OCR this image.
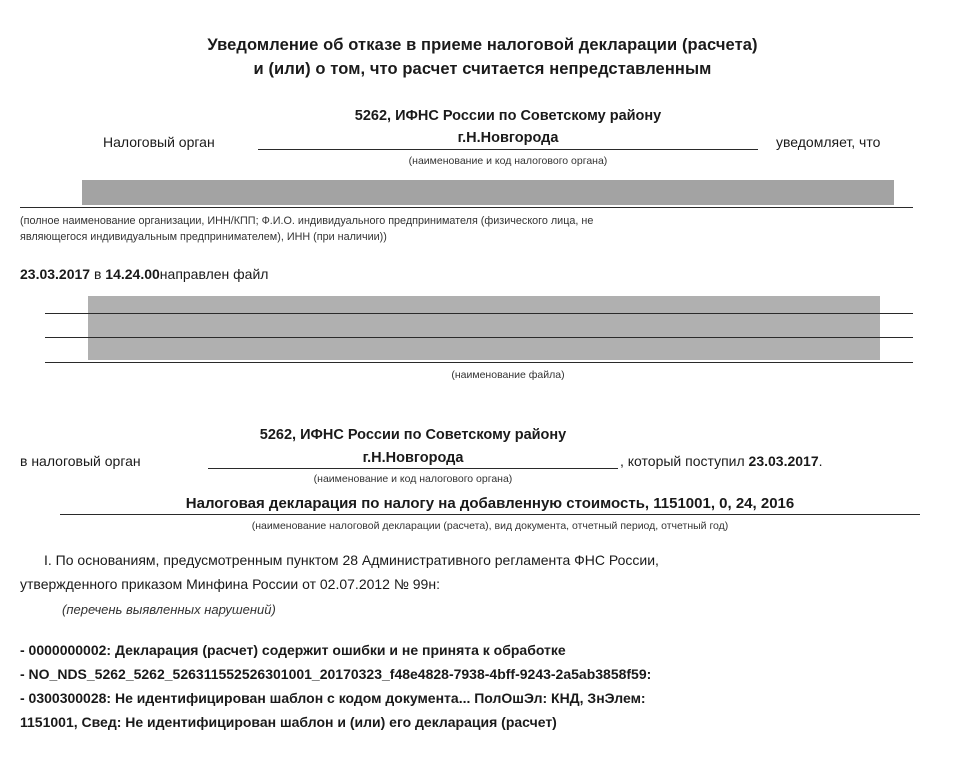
Уведомление об отказе в приеме налоговой декларации (расчета)
и (или) о том, что расчет считается непредставленным
5262, ИФНС России по Советскому району
Налоговый орган	г.Н.Новгорода	уведомляет, что
(наименование и код налогового органа)
(полное наименование организации, ИНН/КПП; Ф.И.О. индивидуального предпринимателя (физического лица, не
являющегося индивидуальным предпринимателем), ИНН (при наличии))
23.03.2017 в 14.24.00направлен файл
(наименование файла)
5262, ИФНС России по Советскому району
в налоговый орган	г.Н.Новгорода	, который поступил 23.03.2017.
(наименование и код налогового органа)
Налоговая декларация по налогу на добавленную стоимость, 1151001, 0, 24, 2016
(наименование налоговой декларации (расчета), вид документа, отчетный период, отчетный год)
I. По основаниям, предусмотренным пунктом 28 Административного регламента ФНС России,
утвержденного приказом Минфина России от 02.07.2012 № 99н:
(перечень выявленных нарушений)
- 0000000002: Декларация (расчет) содержит ошибки и не принята к обработке
- NO_NDS_5262_5262_526311552526301001_20170323_f48e4828-7938-4bff-9243-2a5ab3858f59:
- 0300300028: Не идентифицирован шаблон с кодом документа... ПолОшЭл: КНД, ЗнЭлем:
1151001, Свед: Не идентифицирован шаблон и (или) его декларация (расчет)
